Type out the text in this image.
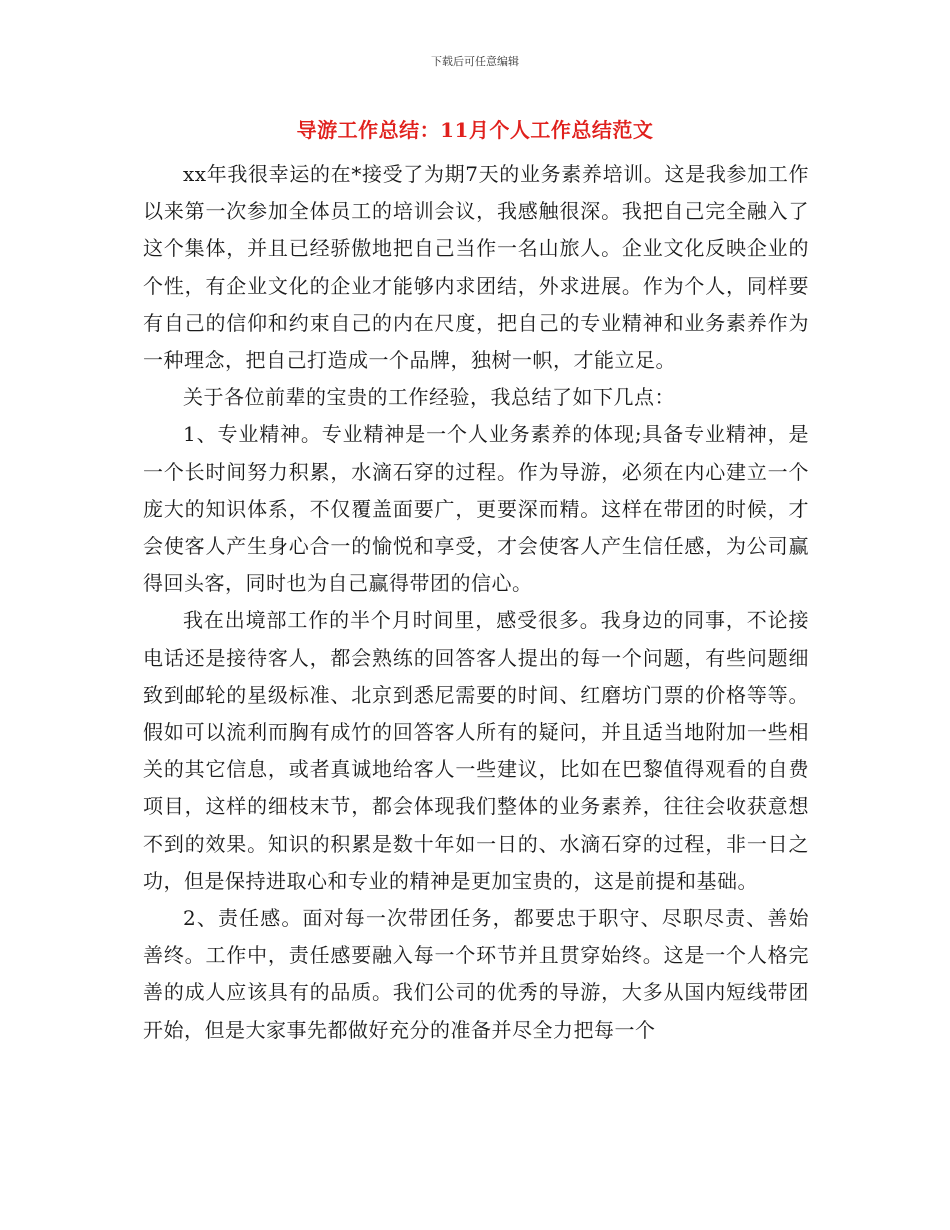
下载后可任意编辑
导游工作总结：11月个人工作总结范文

xx年我很幸运的在*接受了为期7天的业务素养培训。这是我参加工作以来第一次参加全体员工的培训会议，我感触很深。我把自己完全融入了这个集体，并且已经骄傲地把自己当作一名山旅人。企业文化反映企业的个性，有企业文化的企业才能够内求团结，外求进展。作为个人，同样要有自己的信仰和约束自己的内在尺度，把自己的专业精神和业务素养作为一种理念，把自己打造成一个品牌，独树一帜，才能立足。

关于各位前辈的宝贵的工作经验，我总结了如下几点：

1、专业精神。专业精神是一个人业务素养的体现;具备专业精神，是一个长时间努力积累，水滴石穿的过程。作为导游，必须在内心建立一个庞大的知识体系，不仅覆盖面要广，更要深而精。这样在带团的时候，才会使客人产生身心合一的愉悦和享受，才会使客人产生信任感，为公司赢得回头客，同时也为自己赢得带团的信心。

我在出境部工作的半个月时间里，感受很多。我身边的同事，不论接电话还是接待客人，都会熟练的回答客人提出的每一个问题，有些问题细致到邮轮的星级标准、北京到悉尼需要的时间、红磨坊门票的价格等等。假如可以流利而胸有成竹的回答客人所有的疑问，并且适当地附加一些相关的其它信息，或者真诚地给客人一些建议，比如在巴黎值得观看的自费项目，这样的细枝末节，都会体现我们整体的业务素养，往往会收获意想不到的效果。知识的积累是数十年如一日的、水滴石穿的过程，非一日之功，但是保持进取心和专业的精神是更加宝贵的，这是前提和基础。

2、责任感。面对每一次带团任务，都要忠于职守、尽职尽责、善始善终。工作中，责任感要融入每一个环节并且贯穿始终。这是一个人格完善的成人应该具有的品质。我们公司的优秀的导游，大多从国内短线带团开始，但是大家事先都做好充分的准备并尽全力把每一个
